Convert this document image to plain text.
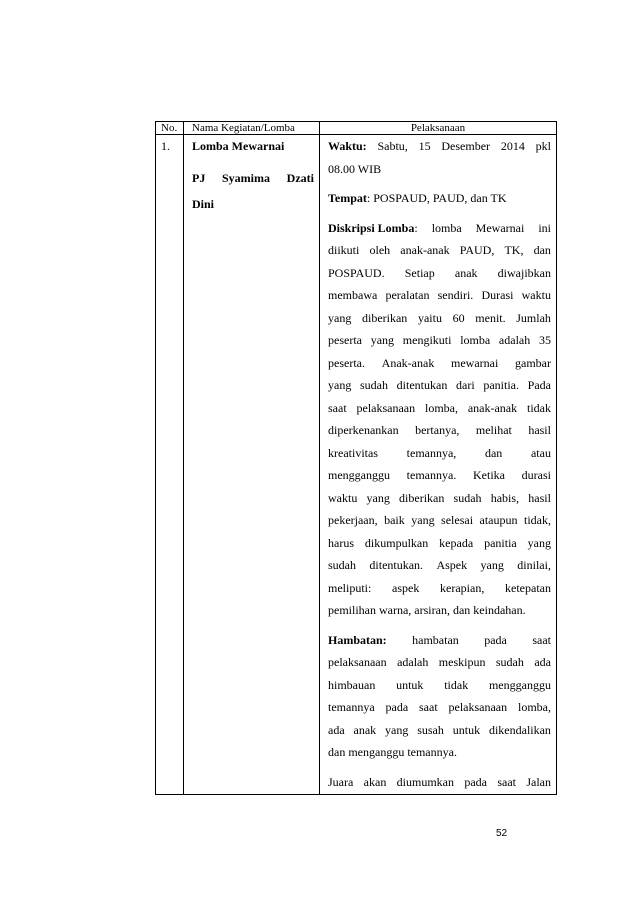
No. Nama Kegiatan/Lomba	Pelaksanaan
1. Lomba Mewarnai
PJ Syamima Dzati
Dini
Waktu: Sabtu, 15 Desember 2014 pkl
08.00 WIB
Tempat: POSPAUD, PAUD, dan TK
Diskripsi Lomba: lomba Mewarnai ini
diikuti oleh anak-anak PAUD, TK, dan
POSPAUD. Setiap anak diwajibkan
membawa peralatan sendiri. Durasi waktu
yang diberikan yaitu 60 menit. Jumlah
peserta yang mengikuti lomba adalah 35
peserta. Anak-anak mewarnai gambar
yang sudah ditentukan dari panitia. Pada
saat pelaksanaan lomba, anak-anak tidak
diperkenankan bertanya, melihat hasil
kreativitas temannya, dan atau
mengganggu temannya. Ketika durasi
waktu yang diberikan sudah habis, hasil
pekerjaan, baik yang selesai ataupun tidak,
harus dikumpulkan kepada panitia yang
sudah ditentukan. Aspek yang dinilai,
meliputi: aspek kerapian, ketepatan
pemilihan warna, arsiran, dan keindahan.
Hambatan: hambatan pada saat
pelaksanaan adalah meskipun sudah ada
himbauan untuk tidak mengganggu
temannya pada saat pelaksanaan lomba,
ada anak yang susah untuk dikendalikan
dan menganggu temannya.
Juara akan diumumkan pada saat Jalan
52
